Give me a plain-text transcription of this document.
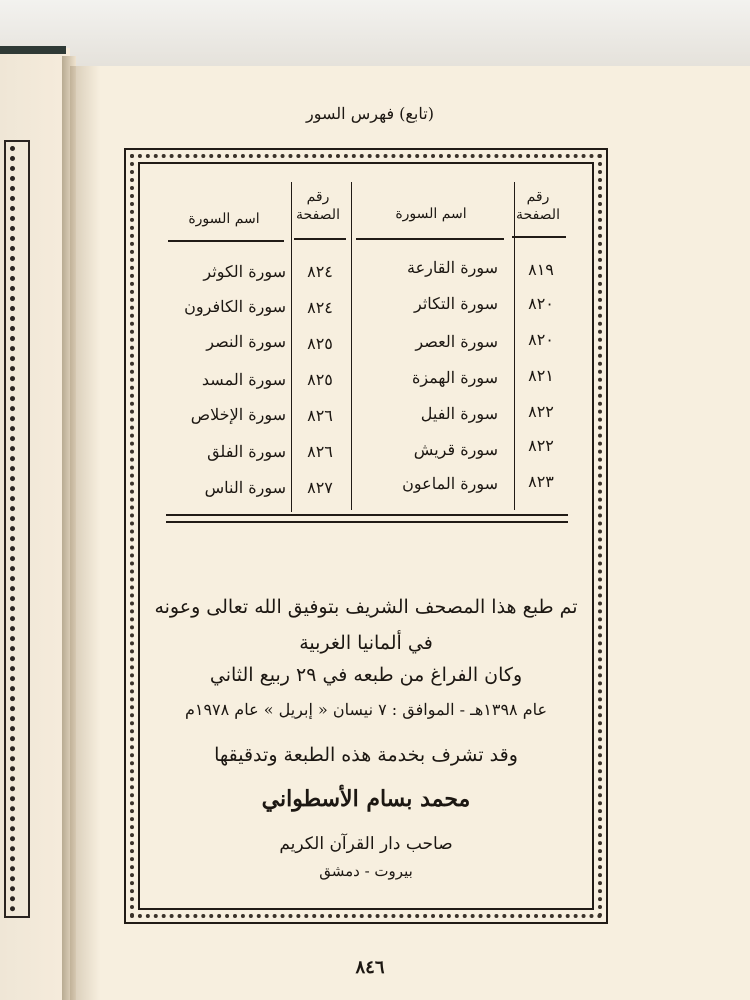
(تابع) فهرس السور
رقم الصفحة
اسم السورة
رقم الصفحة
اسم السورة
٨١٩
سورة القارعة
٨٢٠
سورة التكاثر
٨٢٠
سورة العصر
٨٢١
سورة الهمزة
٨٢٢
سورة الفيل
٨٢٢
سورة قريش
٨٢٣
سورة الماعون
٨٢٤
سورة الكوثر
٨٢٤
سورة الكافرون
٨٢٥
سورة النصر
٨٢٥
سورة المسد
٨٢٦
سورة الإخلاص
٨٢٦
سورة الفلق
٨٢٧
سورة الناس
تم طبع هذا المصحف الشريف بتوفيق الله تعالى وعونه
في ألمانيا الغربية
وكان الفراغ من طبعه في ٢٩ ربيع الثاني
عام ١٣٩٨هـ - الموافق : ٧ نيسان « إبريل » عام ١٩٧٨م
وقد تشرف بخدمة هذه الطبعة وتدقيقها
محمد بسام الأسطواني
صاحب دار القرآن الكريم
بيروت - دمشق
٨٤٦
